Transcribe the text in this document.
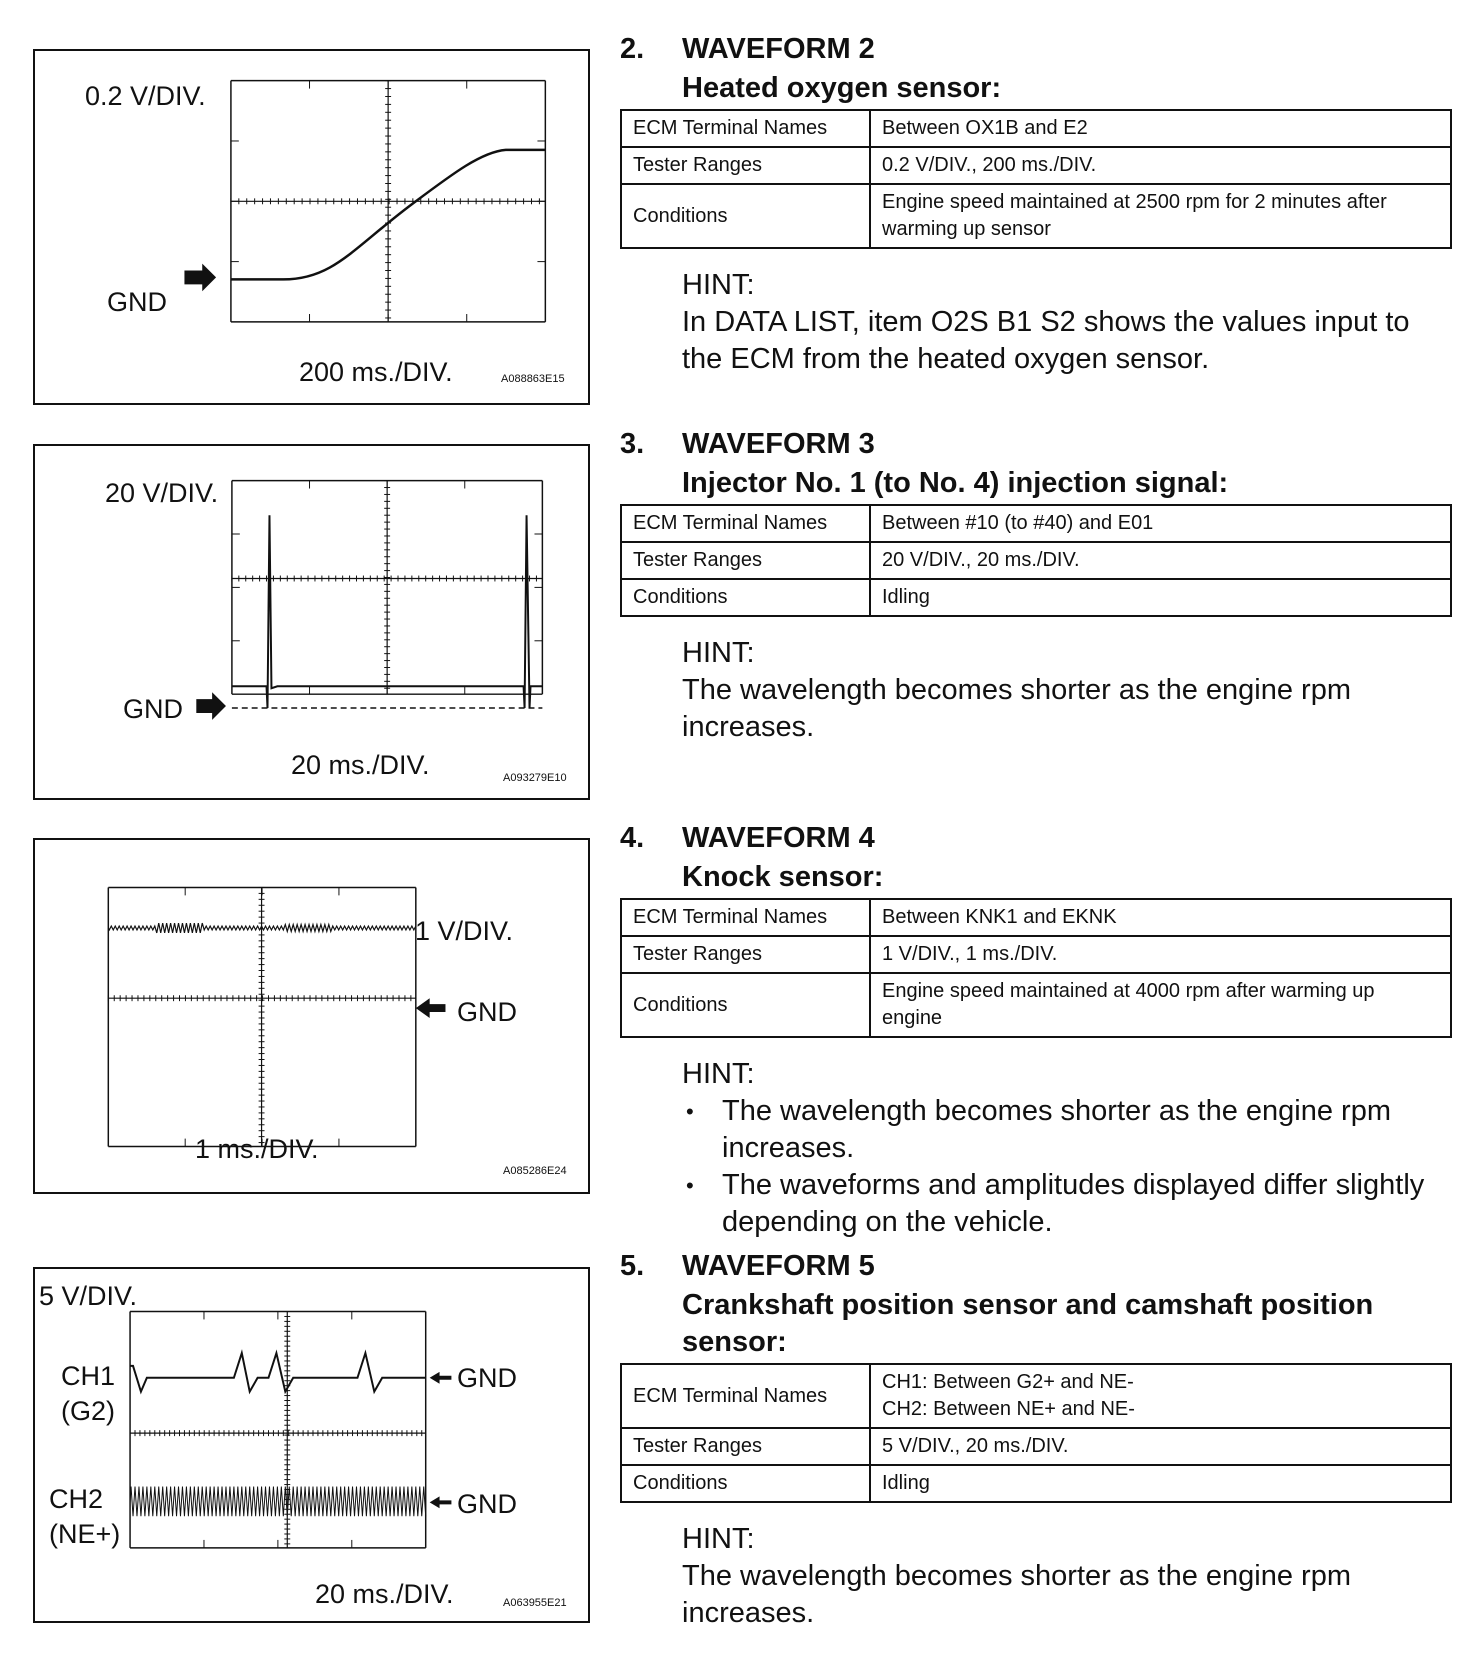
0.2 V/DIV.
GND
200 ms./DIV.	A088863E15
20 V/DIV.
GND
20 ms./DIV.	A093279E10
1 V/DIV.
GND
1 ms./DIV.
A085286E24
5 V/DIV.
CH1
(G2)
CH2
(NE+)
GND
GND
20 ms./DIV.	A063955E21
2. WAVEFORM 2
Heated oxygen sensor:
ECM Terminal Names	Between OX1B and E2
Tester Ranges	0.2 V/DIV., 200 ms./DIV.
Conditions	Engine speed maintained at 2500 rpm for 2 minutes after warming up sensor
HINT:
In DATA LIST, item O2S B1 S2 shows the values input to the ECM from the heated oxygen sensor.
3. WAVEFORM 3
Injector No. 1 (to No. 4) injection signal:
ECM Terminal Names	Between #10 (to #40) and E01
Tester Ranges	20 V/DIV., 20 ms./DIV.
Conditions	Idling
HINT:
The wavelength becomes shorter as the engine rpm increases.
4. WAVEFORM 4
Knock sensor:
ECM Terminal Names	Between KNK1 and EKNK
Tester Ranges	1 V/DIV., 1 ms./DIV.
Conditions	Engine speed maintained at 4000 rpm after warming up engine
HINT:
• The wavelength becomes shorter as the engine rpm increases.
• The waveforms and amplitudes displayed differ slightly depending on the vehicle.
5. WAVEFORM 5
Crankshaft position sensor and camshaft position sensor:
ECM Terminal Names	CH1: Between G2+ and NE-
CH2: Between NE+ and NE-

Tester Ranges	5 V/DIV., 20 ms./DIV.
Conditions	Idling
HINT:
The wavelength becomes shorter as the engine rpm increases.
